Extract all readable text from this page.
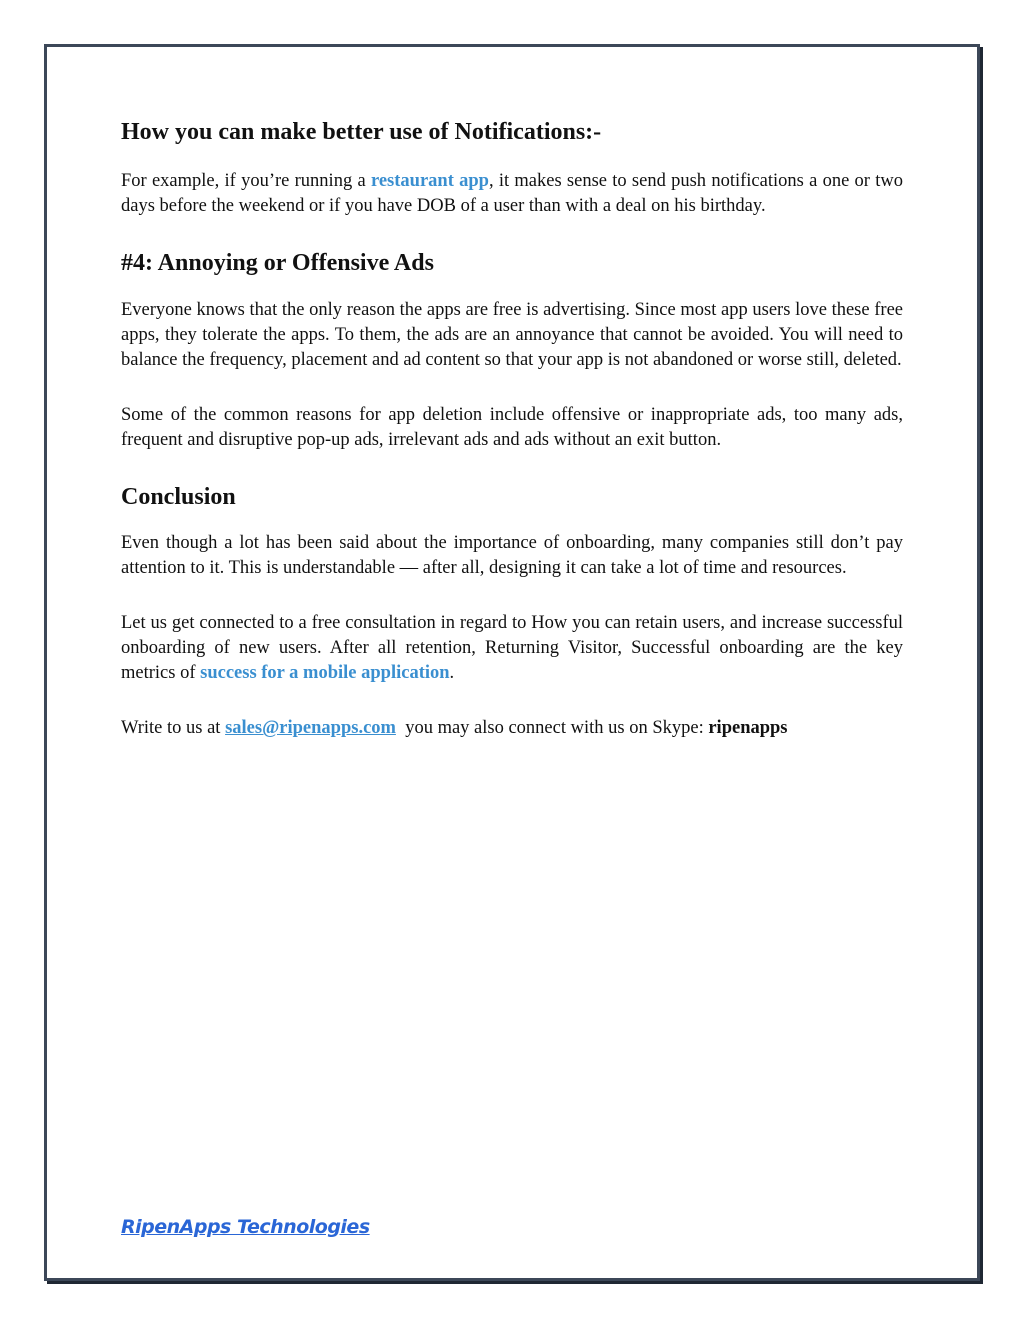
How you can make better use of Notifications:-

For example, if you’re running a restaurant app, it makes sense to send push notifications a one or two days before the weekend or if you have DOB of a user than with a deal on his birthday.

#4: Annoying or Offensive Ads

Everyone knows that the only reason the apps are free is advertising. Since most app users love these free apps, they tolerate the apps. To them, the ads are an annoyance that cannot be avoided. You will need to balance the frequency, placement and ad content so that your app is not abandoned or worse still, deleted.

Some of the common reasons for app deletion include offensive or inappropriate ads, too many ads, frequent and disruptive pop-up ads, irrelevant ads and ads without an exit button.

Conclusion

Even though a lot has been said about the importance of onboarding, many companies still don’t pay attention to it. This is understandable — after all, designing it can take a lot of time and resources.

Let us get connected to a free consultation in regard to How you can retain users, and increase successful onboarding of new users. After all retention, Returning Visitor, Successful onboarding are the key metrics of success for a mobile application.

Write to us at sales@ripenapps.com  you may also connect with us on Skype: ripenapps

RipenApps Technologies
